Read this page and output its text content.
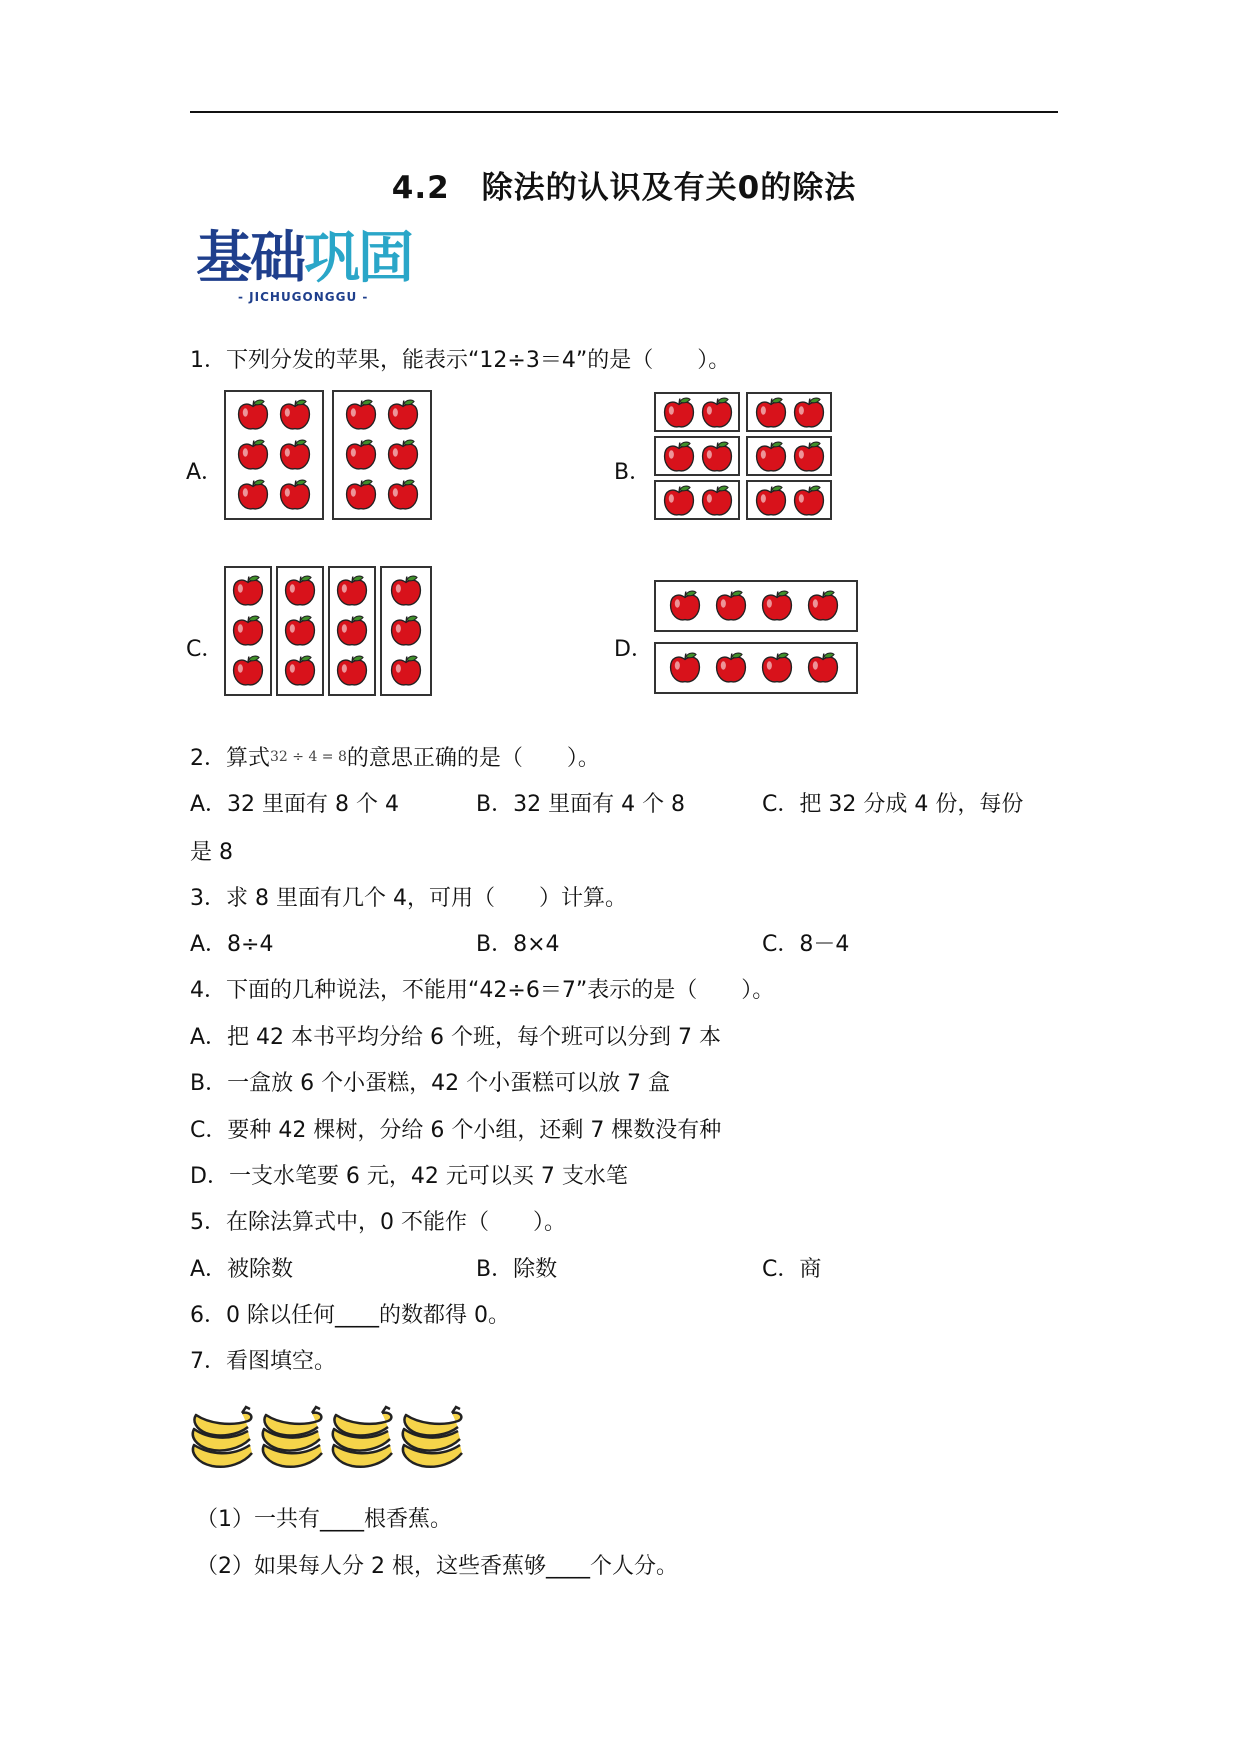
4.2　除法的认识及有关0的除法
基础巩固
- JICHUGONGGU -
1．下列分发的苹果，能表示“12÷3＝4”的是（　　）。
A．	B．
C．	D．
2．算式32 ÷ 4 = 8的意思正确的是（　　）。
A．32 里面有 8 个 4	B．32 里面有 4 个 8	C．把 32 分成 4 份，每份
是 8
3．求 8 里面有几个 4，可用（　　）计算。
A．8÷4	B．8×4	C．8－4
4．下面的几种说法，不能用“42÷6＝7”表示的是（　　）。
A．把 42 本书平均分给 6 个班，每个班可以分到 7 本
B．一盒放 6 个小蛋糕，42 个小蛋糕可以放 7 盒
C．要种 42 棵树，分给 6 个小组，还剩 7 棵数没有种
D．一支水笔要 6 元，42 元可以买 7 支水笔
5．在除法算式中，0 不能作（　　）。
A．被除数	B．除数	C．商
6．0 除以任何____的数都得 0。
7．看图填空。
（1）一共有____根香蕉。
（2）如果每人分 2 根，这些香蕉够____个人分。
